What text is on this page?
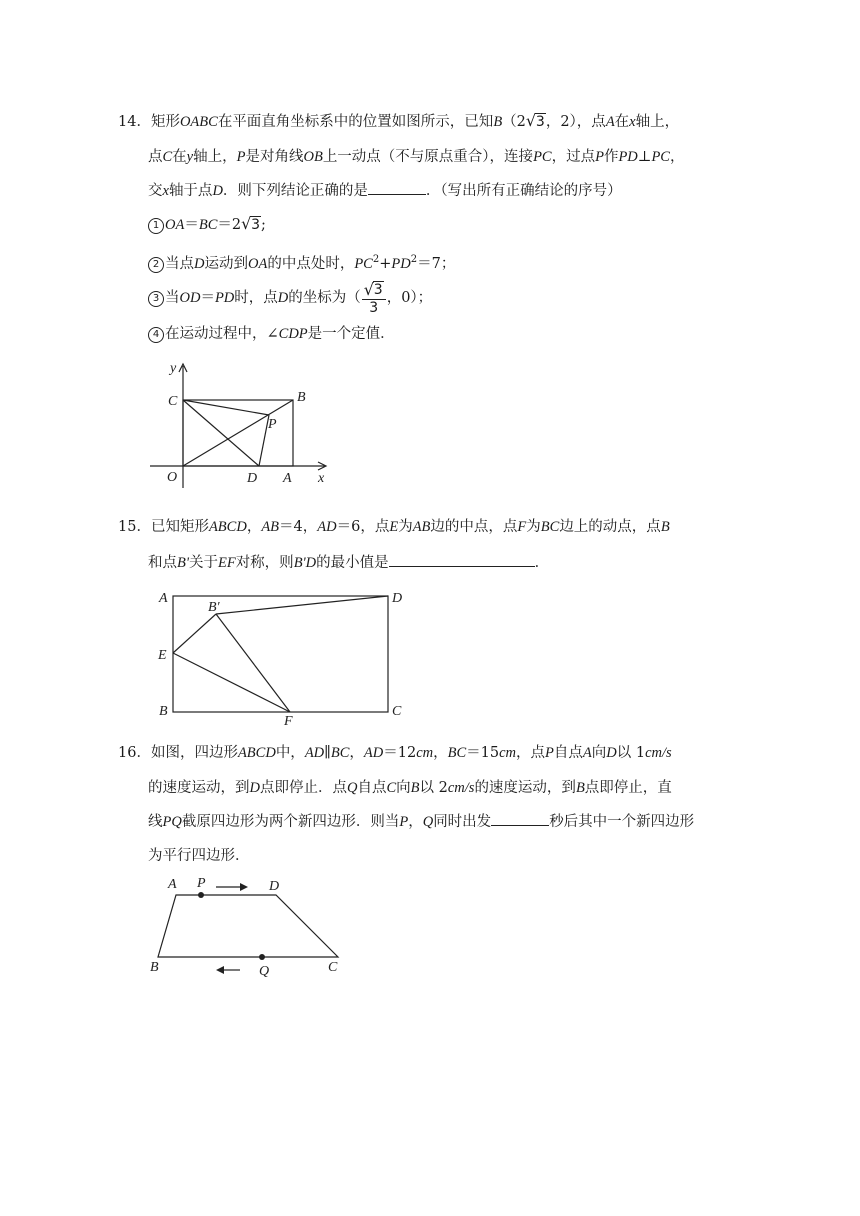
14．矩形OABC在平面直角坐标系中的位置如图所示，已知B（2 √ 3，2），点A在x轴上，
点C在y轴上，P是对角线OB上一动点（不与原点重合），连接PC，过点P作PD⊥PC，
交x轴于点D．则下列结论正确的是	．（写出所有正确结论的序号）
1 OA＝BC＝2 √ 3;
2 当点D运动到OA的中点处时，$PC^2+PD^2=7$；
3 当OD＝PD时，点D的坐标为（ $\frac{√ 3}{3}$ ，0）；
4 在运动过程中，∠CDP是一个定值．
y
C	B
P
O	D A x
15．已知矩形ABCD，AB＝4，AD＝6，点E为AB边的中点，点F为BC边上的动点，点B
和点B'关于EF对称，则B'D的最小值是	．
A
B′
D
E
B
F
C
16．如图，四边形ABCD中，AD∥BC，AD＝12cm，BC＝15cm，点P自点A向D以 1cm/s
的速度运动，到D点即停止．点Q自点C向B以 2cm/s的速度运动，到B点即停止，直
线PQ截原四边形为两个新四边形．则当P，Q同时出发	秒后其中一个新四边形
为平行四边形．
A P	D
B	Q	C
